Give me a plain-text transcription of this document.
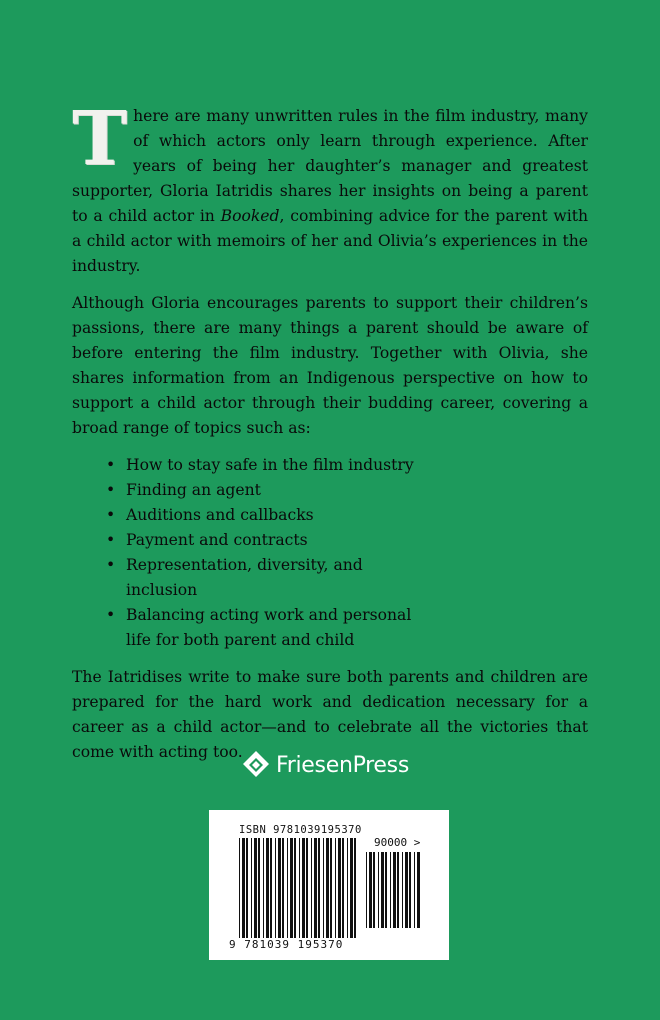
There are many unwritten rules in the film industry, many of which actors only learn through experience. After years of being her daughter’s manager and greatest supporter, Gloria Iatridis shares her insights on being a parent to a child actor in Booked, combining advice for the parent with a child actor with memoirs of her and Olivia’s experiences in the industry.

Although Gloria encourages parents to support their children’s passions, there are many things a parent should be aware of before entering the film industry. Together with Olivia, she shares information from an Indigenous perspective on how to support a child actor through their budding career, covering a broad range of topics such as:

• How to stay safe in the film industry
• Finding an agent
• Auditions and callbacks
• Payment and contracts
• Representation, diversity, and inclusion
• Balancing acting work and personal life for both parent and child

The Iatridises write to make sure both parents and children are prepared for the hard work and dedication necessary for a career as a child actor—and to celebrate all the victories that come with acting too.

FriesenPress
ISBN 9781039195370
90000 >
9 781039 195370
